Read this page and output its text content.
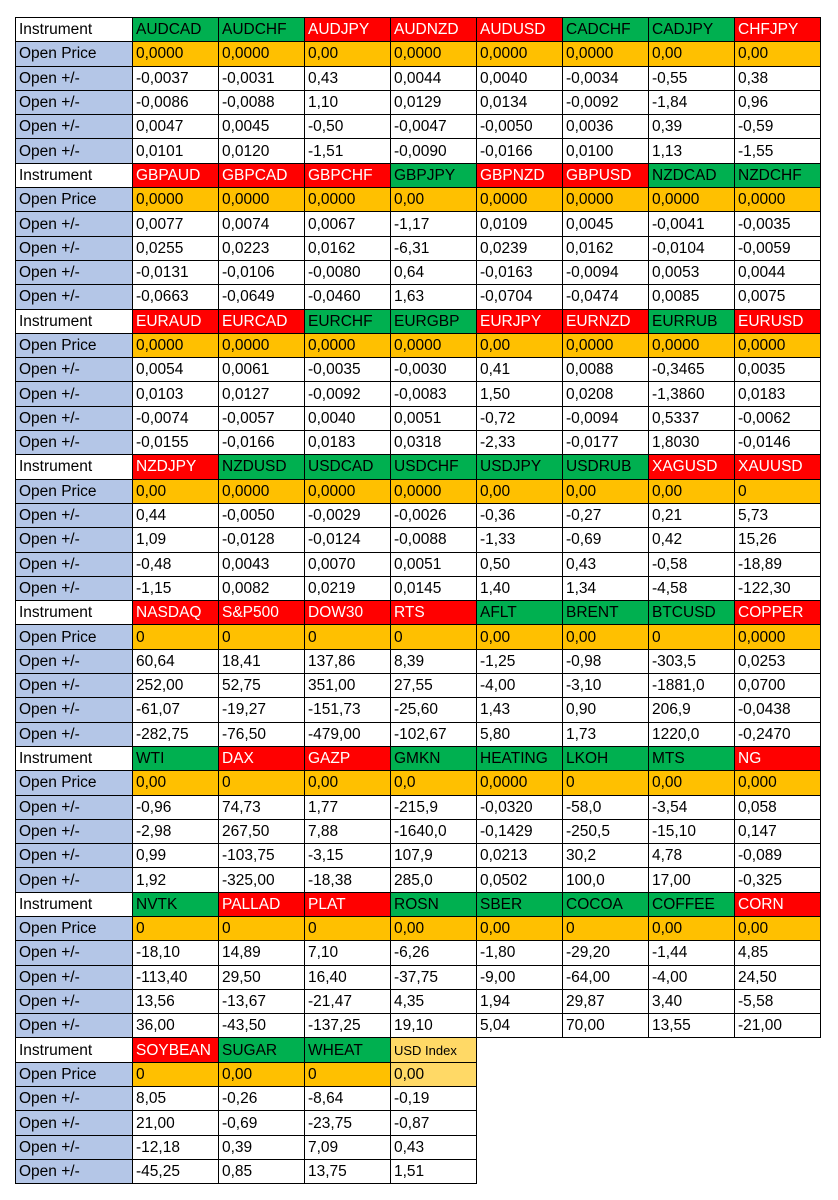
Instrument	AUDCAD	AUDCHF	AUDJPY	AUDNZD	AUDUSD	CADCHF	CADJPY	CHFJPY
Open Price	0,0000	0,0000	0,00	0,0000	0,0000	0,0000	0,00	0,00
Open +/-	-0,0037	-0,0031	0,43	0,0044	0,0040	-0,0034	-0,55	0,38
Open +/-	-0,0086	-0,0088	1,10	0,0129	0,0134	-0,0092	-1,84	0,96
Open +/-	0,0047	0,0045	-0,50	-0,0047	-0,0050	0,0036	0,39	-0,59
Open +/-	0,0101	0,0120	-1,51	-0,0090	-0,0166	0,0100	1,13	-1,55
Instrument	GBPAUD	GBPCAD	GBPCHF	GBPJPY	GBPNZD	GBPUSD	NZDCAD	NZDCHF
Open Price	0,0000	0,0000	0,0000	0,00	0,0000	0,0000	0,0000	0,0000
Open +/-	0,0077	0,0074	0,0067	-1,17	0,0109	0,0045	-0,0041	-0,0035
Open +/-	0,0255	0,0223	0,0162	-6,31	0,0239	0,0162	-0,0104	-0,0059
Open +/-	-0,0131	-0,0106	-0,0080	0,64	-0,0163	-0,0094	0,0053	0,0044
Open +/-	-0,0663	-0,0649	-0,0460	1,63	-0,0704	-0,0474	0,0085	0,0075
Instrument	EURAUD	EURCAD	EURCHF	EURGBP	EURJPY	EURNZD	EURRUB	EURUSD
Open Price	0,0000	0,0000	0,0000	0,0000	0,00	0,0000	0,0000	0,0000
Open +/-	0,0054	0,0061	-0,0035	-0,0030	0,41	0,0088	-0,3465	0,0035
Open +/-	0,0103	0,0127	-0,0092	-0,0083	1,50	0,0208	-1,3860	0,0183
Open +/-	-0,0074	-0,0057	0,0040	0,0051	-0,72	-0,0094	0,5337	-0,0062
Open +/-	-0,0155	-0,0166	0,0183	0,0318	-2,33	-0,0177	1,8030	-0,0146
Instrument	NZDJPY	NZDUSD	USDCAD	USDCHF	USDJPY	USDRUB	XAGUSD	XAUUSD
Open Price	0,00	0,0000	0,0000	0,0000	0,00	0,00	0,00	0
Open +/-	0,44	-0,0050	-0,0029	-0,0026	-0,36	-0,27	0,21	5,73
Open +/-	1,09	-0,0128	-0,0124	-0,0088	-1,33	-0,69	0,42	15,26
Open +/-	-0,48	0,0043	0,0070	0,0051	0,50	0,43	-0,58	-18,89
Open +/-	-1,15	0,0082	0,0219	0,0145	1,40	1,34	-4,58	-122,30
Instrument	NASDAQ	S&P500	DOW30	RTS	AFLT	BRENT	BTCUSD	COPPER
Open Price	0	0	0	0	0,00	0,00	0	0,0000
Open +/-	60,64	18,41	137,86	8,39	-1,25	-0,98	-303,5	0,0253
Open +/-	252,00	52,75	351,00	27,55	-4,00	-3,10	-1881,0	0,0700
Open +/-	-61,07	-19,27	-151,73	-25,60	1,43	0,90	206,9	-0,0438
Open +/-	-282,75	-76,50	-479,00	-102,67	5,80	1,73	1220,0	-0,2470
Instrument	WTI	DAX	GAZP	GMKN	HEATING	LKOH	MTS	NG
Open Price	0,00	0	0,00	0,0	0,0000	0	0,00	0,000
Open +/-	-0,96	74,73	1,77	-215,9	-0,0320	-58,0	-3,54	0,058
Open +/-	-2,98	267,50	7,88	-1640,0	-0,1429	-250,5	-15,10	0,147
Open +/-	0,99	-103,75	-3,15	107,9	0,0213	30,2	4,78	-0,089
Open +/-	1,92	-325,00	-18,38	285,0	0,0502	100,0	17,00	-0,325
Instrument	NVTK	PALLAD	PLAT	ROSN	SBER	COCOA	COFFEE	CORN
Open Price	0	0	0	0,00	0,00	0	0,00	0,00
Open +/-	-18,10	14,89	7,10	-6,26	-1,80	-29,20	-1,44	4,85
Open +/-	-113,40	29,50	16,40	-37,75	-9,00	-64,00	-4,00	24,50
Open +/-	13,56	-13,67	-21,47	4,35	1,94	29,87	3,40	-5,58
Open +/-	36,00	-43,50	-137,25	19,10	5,04	70,00	13,55	-21,00
Instrument	SOYBEAN	SUGAR	WHEAT	USD Index				
Open Price	0	0,00	0	0,00				
Open +/-	8,05	-0,26	-8,64	-0,19				
Open +/-	21,00	-0,69	-23,75	-0,87				
Open +/-	-12,18	0,39	7,09	0,43				
Open +/-	-45,25	0,85	13,75	1,51				
